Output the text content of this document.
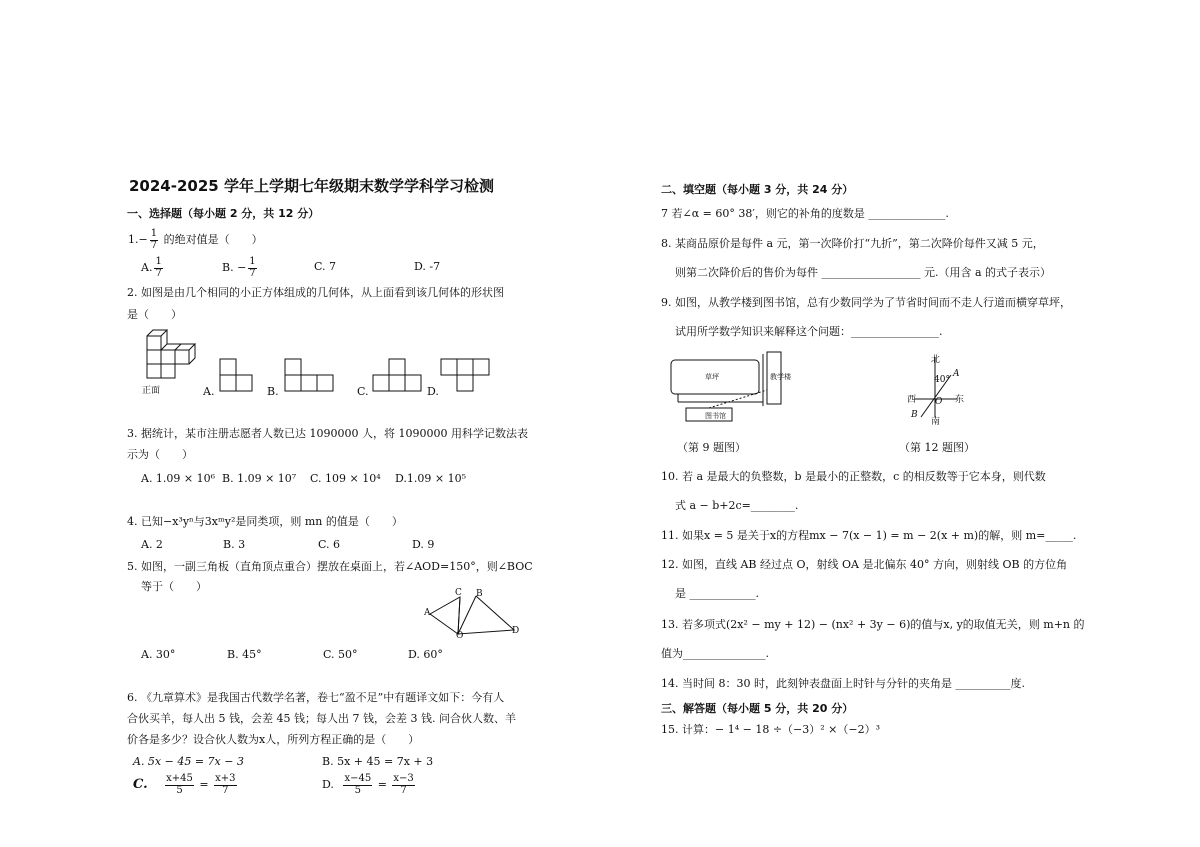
2024-2025 学年上学期七年级期末数学学科学习检测
一、选择题（每小题 2 分，共 12 分）
$1.- \frac{1}{7}$ 的绝对值是（　　）
A. $\frac{1}{7}$	B. − $\frac{1}{7}$	C. 7	D. -7
2. 如图是由几个相同的小正方体组成的几何体，从上面看到该几何体的形状图
是（　　）
正面	A.	B.	C.	D.
3. 据统计，某市注册志愿者人数已达 1090000 人，将 1090000 用科学记数法表
示为（　　）
A. 1.09 × 10⁶ B. 1.09 × 10⁷ C. 109 × 10⁴ D.1.09 × 10⁵
4. 已知−x³yⁿ与3xᵐy²是同类项，则 mn 的值是（　　）
A. 2	B. 3	C. 6	D. 9
5. 如图，一副三角板（直角顶点重合）摆放在桌面上，若∠AOD=150°，则∠BOC
等于（　　）
A
B
C
D
O
A. 30°	B. 45°	C. 50°	D. 60°
6. 《九章算术》是我国古代数学名著，卷七“盈不足”中有题译文如下：今有人
合伙买羊，每人出 5 钱，会差 45 钱；每人出 7 钱，会差 3 钱. 问合伙人数、羊
价各是多少？设合伙人数为x人，所列方程正确的是（　　）
A. 5x − 45 = 7x − 3	B. 5x + 45 = 7x + 3
C. $\frac{x+45}{5} = \frac{x+3}{7}$	D. $\frac{x-45}{5} = \frac{x-3}{7}$
二、填空题（每小题 3 分，共 24 分）
7 若∠α = 60° 38′，则它的补角的度数是 ______________.
8. 某商品原价是每件 a 元，第一次降价打“九折”，第二次降价每件又减 5 元，
则第二次降价后的售价为每件 __________________ 元.（用含 a 的式子表示）
9. 如图，从教学楼到图书馆，总有少数同学为了节省时间而不走人行道而横穿草坪，
试用所学数学知识来解释这个问题：________________.
草坪	教学楼
图书馆
（第 9 题图）
北
40°
A
西	东
O
B
南
（第 12 题图）
10. 若 a 是最大的负整数，b 是最小的正整数，c 的相反数等于它本身，则代数
式 a − b+2c=________.
11. 如果x = 5 是关于x的方程mx − 7(x − 1) = m − 2(x + m)的解，则 m=_____.
12. 如图，直线 AB 经过点 O，射线 OA 是北偏东 40° 方向，则射线 OB 的方位角
是 ____________.
13. 若多项式(2x² − my + 12) − (nx² + 3y − 6)的值与x, y的取值无关，则 m+n 的
值为_______________.
14. 当时间 8：30 时，此刻钟表盘面上时针与分针的夹角是 __________度.
三、解答题（每小题 5 分，共 20 分）
15. 计算：− 1⁴ − 18 ÷（−3）² ×（−2）³
